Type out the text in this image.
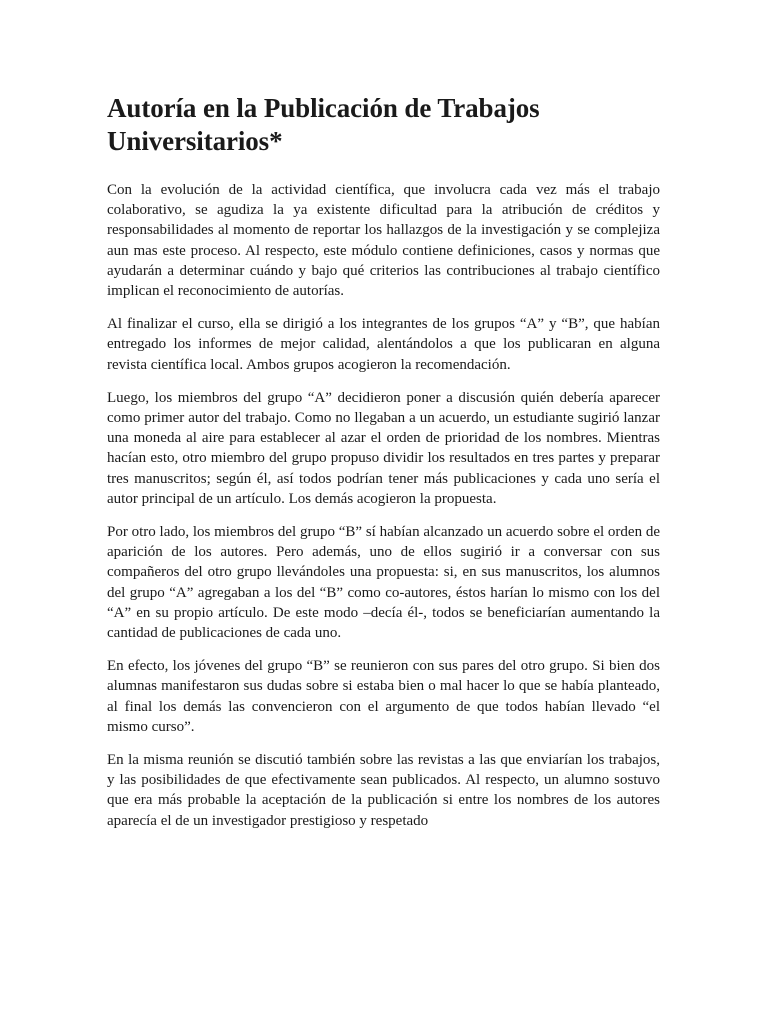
Autoría en la Publicación de Trabajos Universitarios*

Con la evolución de la actividad científica, que involucra cada vez más el trabajo colaborativo, se agudiza la ya existente dificultad para la atribución de créditos y responsabilidades al momento de reportar los hallazgos de la investigación y se complejiza aun mas este proceso. Al respecto, este módulo contiene definiciones, casos y normas que ayudarán a determinar cuándo y bajo qué criterios las contribuciones al trabajo científico implican el reconocimiento de autorías.

Al finalizar el curso, ella se dirigió a los integrantes de los grupos “A” y “B”, que habían entregado los informes de mejor calidad, alentándolos a que los publicaran en alguna revista científica local. Ambos grupos acogieron la recomendación.

Luego, los miembros del grupo “A” decidieron poner a discusión quién debería aparecer como primer autor del trabajo. Como no llegaban a un acuerdo, un estudiante sugirió lanzar una moneda al aire para establecer al azar el orden de prioridad de los nombres. Mientras hacían esto, otro miembro del grupo propuso dividir los resultados en tres partes y preparar tres manuscritos; según él, así todos podrían tener más publicaciones y cada uno sería el autor principal de un artículo. Los demás acogieron la propuesta.

Por otro lado, los miembros del grupo “B” sí habían alcanzado un acuerdo sobre el orden de aparición de los autores. Pero además, uno de ellos sugirió ir a conversar con sus compañeros del otro grupo llevándoles una propuesta: si, en sus manuscritos, los alumnos del grupo “A” agregaban a los del “B” como co-autores, éstos harían lo mismo con los del “A” en su propio artículo. De este modo –decía él-, todos se beneficiarían aumentando la cantidad de publicaciones de cada uno.

En efecto, los jóvenes del grupo “B” se reunieron con sus pares del otro grupo. Si bien dos alumnas manifestaron sus dudas sobre si estaba bien o mal hacer lo que se había planteado, al final los demás las convencieron con el argumento de que todos habían llevado “el mismo curso”.

En la misma reunión se discutió también sobre las revistas a las que enviarían los trabajos, y las posibilidades de que efectivamente sean publicados. Al respecto, un alumno sostuvo que era más probable la aceptación de la publicación si entre los nombres de los autores aparecía el de un investigador prestigioso y respetado
